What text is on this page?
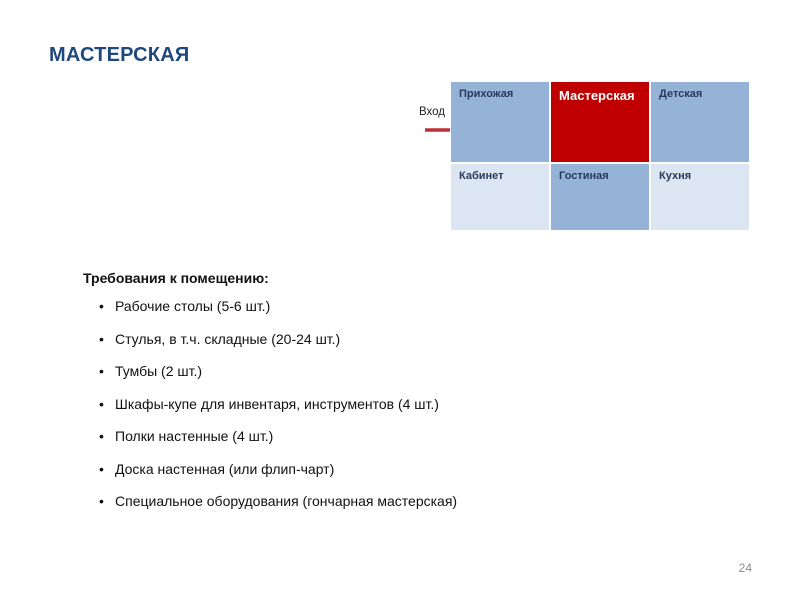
МАСТЕРСКАЯ
Вход
Прихожая	Мастерская	Детская
Кабинет	Гостиная	Кухня
Требования к помещению:
• Рабочие столы (5-6 шт.)
• Стулья, в т.ч. складные (20-24 шт.)
• Тумбы (2 шт.)
• Шкафы-купе для инвентаря, инструментов (4 шт.)
• Полки настенные (4 шт.)
• Доска настенная (или флип-чарт)
• Специальное оборудования (гончарная мастерская)
24
